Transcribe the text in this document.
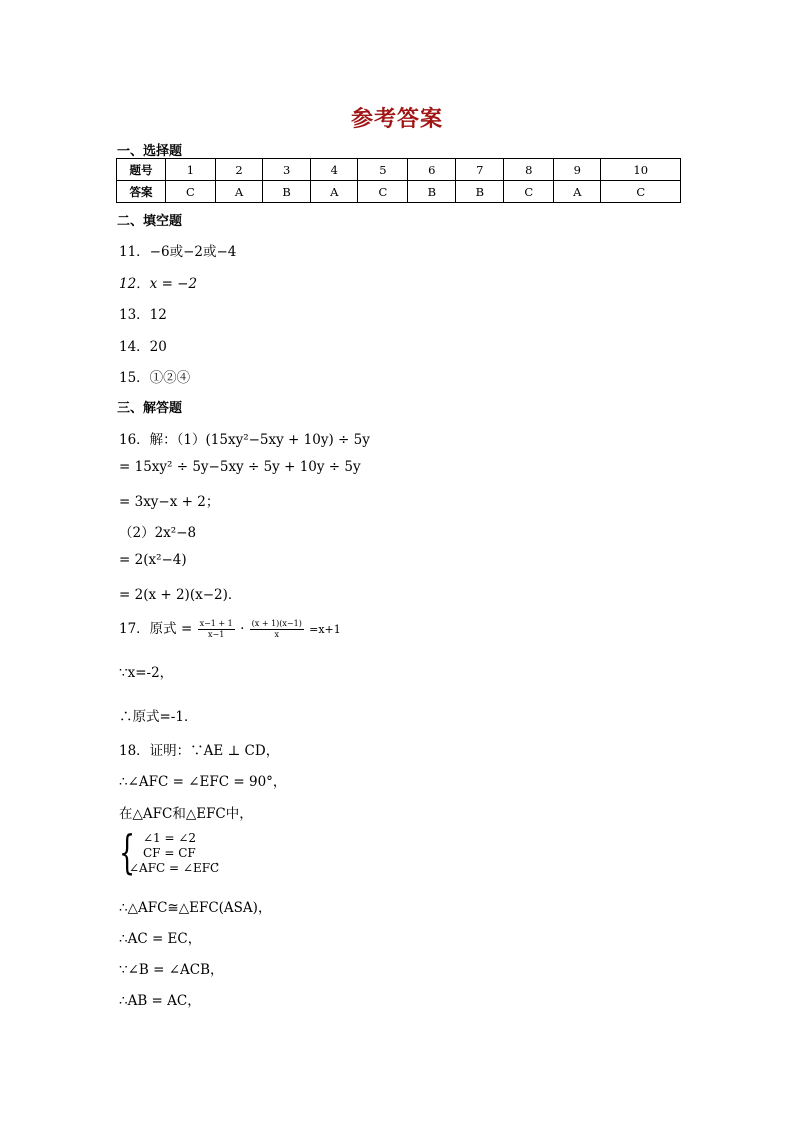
参考答案
一、选择题
题号	1	2	3	4	5	6	7	8	9	10
答案	C	A	B	A	C	B	B	C	A	C
二、填空题
11．−6或−2或−4
12．x = −2
13．12
14．20
15．①②④
三、解答题
16．解：（1）(15xy²−5xy + 10y) ÷ 5y
= 15xy² ÷ 5y−5xy ÷ 5y + 10y ÷ 5y
= 3xy−x + 2；
（2）2x²−8
= 2(x²−4)
= 2(x + 2)(x−2)．
17．原式 = $\frac{x-1 + 1}{x-1} \cdot \frac{(x + 1)(x-1)}{x} =x+1$
∵x=-2，
∴原式=-1．
18．证明：∵AE ⊥ CD，
∴∠AFC = ∠EFC = 90°，
在△AFC和△EFC中，
{ ∠1 = ∠2
CF = CF
∠AFC = ∠EFC
，
∴△AFC≅△EFC(ASA)，
∴AC = EC，
∵∠B = ∠ACB，
∴AB = AC，
